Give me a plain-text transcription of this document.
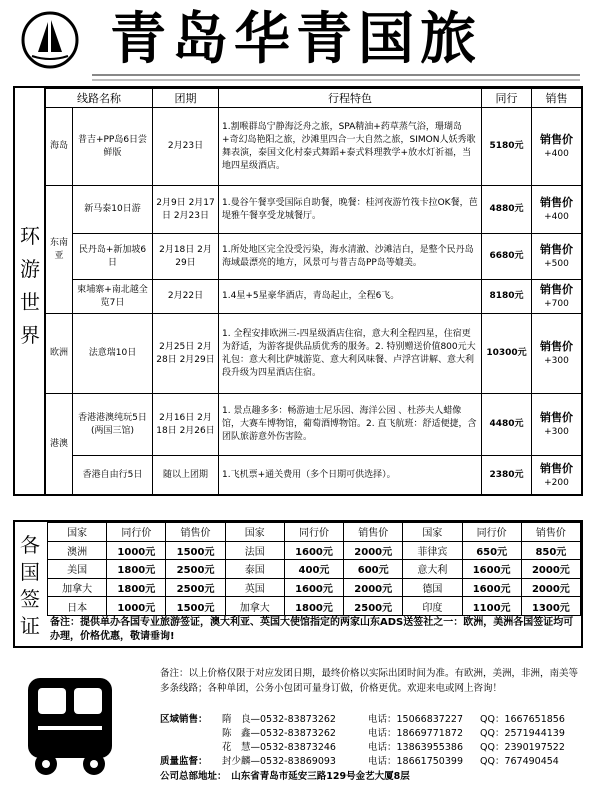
青岛华青国旅
环游世界
线路名称		团期	行程特色	同行	销售
海岛	普吉+PP岛6日尝鲜版	2月23日	1.割喉群岛宁静海泛舟之旅，SPA精油+药草蒸气浴，珊瑚岛+奇幻岛艳阳之旅，沙滩里四合一大自然之旅，SIMON人妖秀歌舞表演，泰国文化村泰式舞蹈+泰式料理教学+放水灯祈福，当地四星级酒店。	5180元	销售价
+400
东南亚	新马泰10日游	2月9日 2月17日 2月23日	1.曼谷午餐享受国际自助餐，晚餐：桂河夜游竹筏卡拉OK餐，芭堤雅午餐享受龙城餐厅。	4880元	销售价
+400
	民丹岛+新加坡6日	2月18日 2月29日	1.所处地区完全没受污染，海水清澈、沙滩洁白，是整个民丹岛海域最漂亮的地方，风景可与普吉岛PP岛等媲美。	6680元	销售价
+500
	柬埔寨+南北越全览7日	2月22日	1.4星+5星豪华酒店，青岛起止，全程6飞。	8180元	销售价
+700
欧洲	法意瑞10日	2月25日 2月28日 2月29日	1. 全程安排欧洲三-四星级酒店住宿，意大利全程四星，住宿更为舒适，为游客提供品质优秀的服务。2. 特别赠送价值800元大礼包：意大利比萨城游览、意大利风味餐、卢浮宫讲解、意大利段升级为四星酒店住宿。	10300元	销售价
+300
港澳	香港港澳纯玩5日(两国三馆)	2月16日 2月18日 2月26日	1. 景点趣多多：畅游迪士尼乐园、海洋公园 、杜莎夫人蜡像馆，大赛车博物馆，葡萄酒博物馆。2. 直飞航班：舒适便捷，含团队旅游意外伤害险。	4480元	销售价
+300
	香港自由行5日	随以上团期	1.飞机票+通关费用（多个日期可供选择）。	2380元	销售价
+200
各国签证
国家	同行价	销售价	国家	同行价	销售价	国家	同行价	销售价
澳洲	1000元	1500元	法国	1600元	2000元	菲律宾	650元	850元
美国	1800元	2500元	泰国	400元	600元	意大利	1600元	2000元
加拿大	1800元	2500元	英国	1600元	2000元	德国	1600元	2000元
日本	1000元	1500元	加拿大	1800元	2500元	印度	1100元	1300元
备注：提供单办各国专业旅游签证，澳大利亚、英国大使馆指定的两家山东ADS送签社之一：欧洲，美洲各国签证均可办理，价格优惠，敬请垂询!
备注：以上价格仅限于对应发团日期，最终价格以实际出团时间为准。有欧洲，美洲，非洲，南美等多条线路；各种单团，公务小包团可量身订做，价格更优。欢迎来电或网上咨询！
区域销售：
质量监督：
隋　良—0532-83873262	电话：15066837227 QQ：1667651856
陈　鑫—0532-83873262	电话：18669771872 QQ：2571944139
花　慧—0532-83873246	电话：13863955386 QQ：2390197522
封少麟—0532-83869093	电话：18661750399 QQ：767490454
公司总部地址：　山东省青岛市延安三路129号金艺大厦8层
